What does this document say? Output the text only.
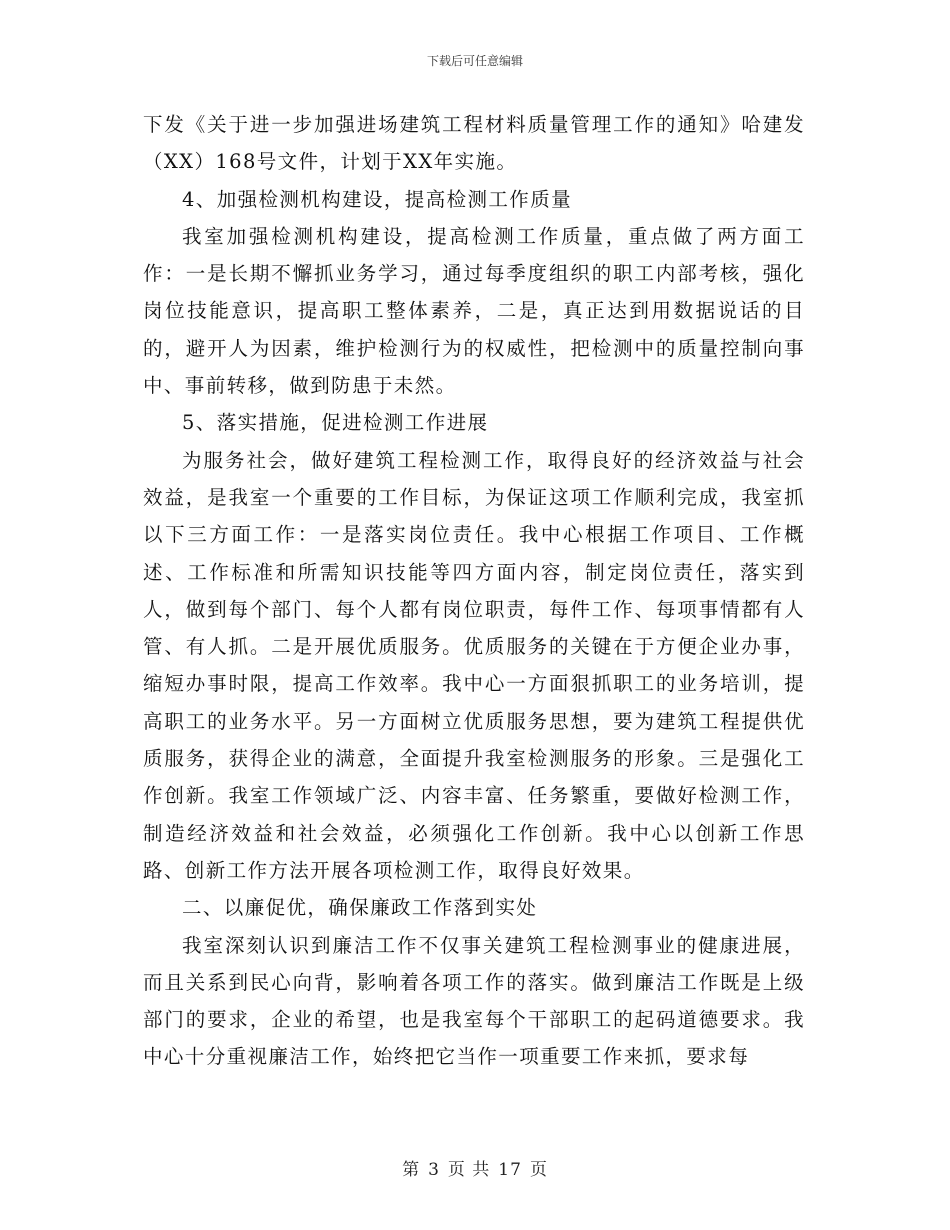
下载后可任意编辑

下发《关于进一步加强进场建筑工程材料质量管理工作的通知》哈建发（XX）168号文件，计划于XX年实施。

4、加强检测机构建设，提高检测工作质量

我室加强检测机构建设，提高检测工作质量，重点做了两方面工作：一是长期不懈抓业务学习，通过每季度组织的职工内部考核，强化岗位技能意识，提高职工整体素养，二是，真正达到用数据说话的目的，避开人为因素，维护检测行为的权威性，把检测中的质量控制向事中、事前转移，做到防患于未然。

5、落实措施，促进检测工作进展

为服务社会，做好建筑工程检测工作，取得良好的经济效益与社会效益，是我室一个重要的工作目标，为保证这项工作顺利完成，我室抓以下三方面工作：一是落实岗位责任。我中心根据工作项目、工作概述、工作标准和所需知识技能等四方面内容，制定岗位责任，落实到人，做到每个部门、每个人都有岗位职责，每件工作、每项事情都有人管、有人抓。二是开展优质服务。优质服务的关键在于方便企业办事，缩短办事时限，提高工作效率。我中心一方面狠抓职工的业务培训，提高职工的业务水平。另一方面树立优质服务思想，要为建筑工程提供优质服务，获得企业的满意，全面提升我室检测服务的形象。三是强化工作创新。我室工作领域广泛、内容丰富、任务繁重，要做好检测工作，制造经济效益和社会效益，必须强化工作创新。我中心以创新工作思路、创新工作方法开展各项检测工作，取得良好效果。

二、以廉促优，确保廉政工作落到实处

我室深刻认识到廉洁工作不仅事关建筑工程检测事业的健康进展，而且关系到民心向背，影响着各项工作的落实。做到廉洁工作既是上级部门的要求，企业的希望，也是我室每个干部职工的起码道德要求。我中心十分重视廉洁工作，始终把它当作一项重要工作来抓，要求每

第 3 页 共 17 页
